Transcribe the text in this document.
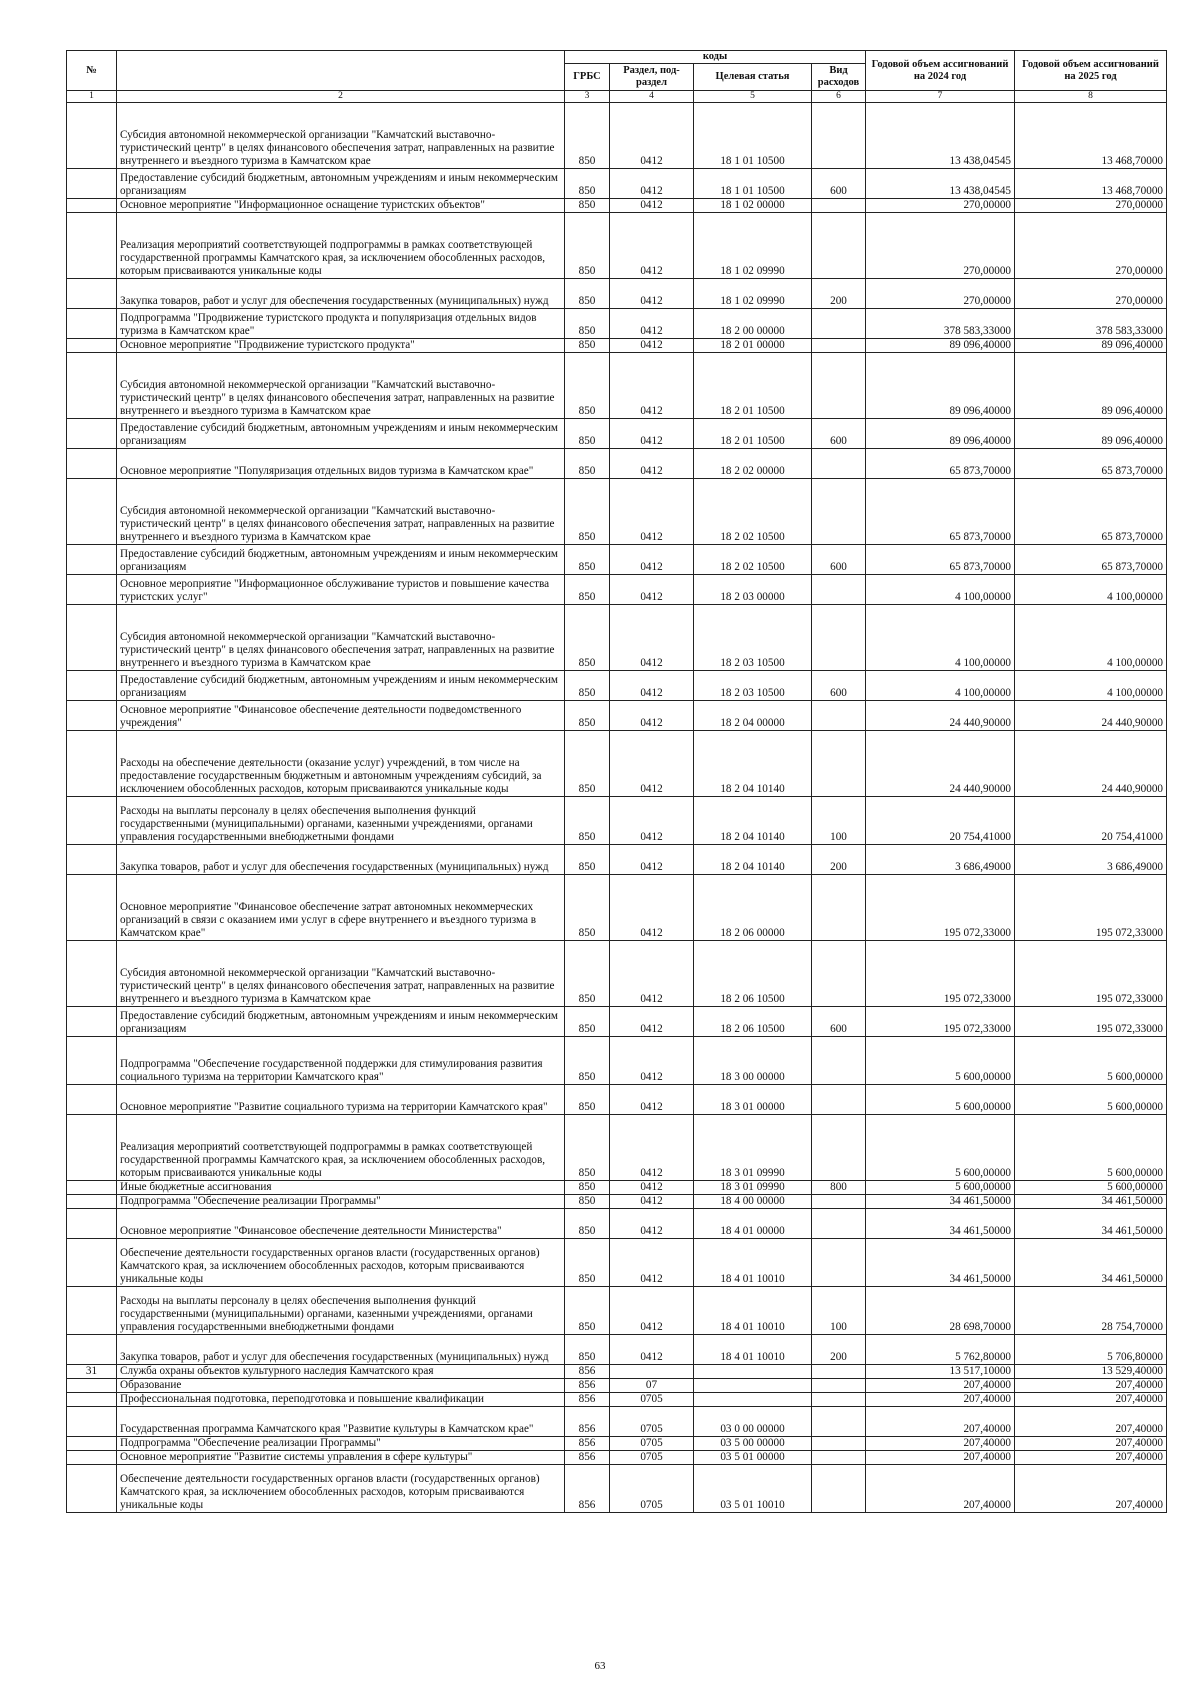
№		коды				Годовой объем ассигнований на 2024 год	Годовой объем ассигнований на 2025 год
		ГРБС	Раздел, под-раздел	Целевая статья	Вид расходов		
1	2	3	4	5	6	7	8
	Субсидия автономной некоммерческой организации "Камчатский выставочно-туристический центр" в целях финансового обеспечения затрат, направленных на развитие внутреннего и въездного туризма в Камчатском крае	850	0412	18 1 01 10500		13 438,04545	13 468,70000
	Предоставление субсидий бюджетным, автономным учреждениям и иным некоммерческим организациям	850	0412	18 1 01 10500	600	13 438,04545	13 468,70000
	Основное мероприятие "Информационное оснащение туристских объектов"	850	0412	18 1 02 00000		270,00000	270,00000
	Реализация мероприятий соответствующей подпрограммы в рамках соответствующей государственной программы Камчатского края, за исключением обособленных расходов, которым присваиваются уникальные коды	850	0412	18 1 02 09990		270,00000	270,00000
	Закупка товаров, работ и услуг для обеспечения государственных (муниципальных) нужд	850	0412	18 1 02 09990	200	270,00000	270,00000
	Подпрограмма "Продвижение туристского продукта и популяризация отдельных видов туризма в Камчатском крае"	850	0412	18 2 00 00000		378 583,33000	378 583,33000
	Основное мероприятие "Продвижение туристского продукта"	850	0412	18 2 01 00000		89 096,40000	89 096,40000
	Субсидия автономной некоммерческой организации "Камчатский выставочно-туристический центр" в целях финансового обеспечения затрат, направленных на развитие внутреннего и въездного туризма в Камчатском крае	850	0412	18 2 01 10500		89 096,40000	89 096,40000
	Предоставление субсидий бюджетным, автономным учреждениям и иным некоммерческим организациям	850	0412	18 2 01 10500	600	89 096,40000	89 096,40000
	Основное мероприятие "Популяризация отдельных видов туризма в Камчатском крае"	850	0412	18 2 02 00000		65 873,70000	65 873,70000
	Субсидия автономной некоммерческой организации "Камчатский выставочно-туристический центр" в целях финансового обеспечения затрат, направленных на развитие внутреннего и въездного туризма в Камчатском крае	850	0412	18 2 02 10500		65 873,70000	65 873,70000
	Предоставление субсидий бюджетным, автономным учреждениям и иным некоммерческим организациям	850	0412	18 2 02 10500	600	65 873,70000	65 873,70000
	Основное мероприятие "Информационное обслуживание туристов и повышение качества туристских услуг"	850	0412	18 2 03 00000		4 100,00000	4 100,00000
	Субсидия автономной некоммерческой организации "Камчатский выставочно-туристический центр" в целях финансового обеспечения затрат, направленных на развитие внутреннего и въездного туризма в Камчатском крае	850	0412	18 2 03 10500		4 100,00000	4 100,00000
	Предоставление субсидий бюджетным, автономным учреждениям и иным некоммерческим организациям	850	0412	18 2 03 10500	600	4 100,00000	4 100,00000
	Основное мероприятие "Финансовое обеспечение деятельности подведомственного учреждения"	850	0412	18 2 04 00000		24 440,90000	24 440,90000
	Расходы на обеспечение деятельности (оказание услуг) учреждений, в том числе на предоставление государственным бюджетным и автономным учреждениям субсидий, за исключением обособленных расходов, которым присваиваются уникальные коды	850	0412	18 2 04 10140		24 440,90000	24 440,90000
	Расходы на выплаты персоналу в целях обеспечения выполнения функций государственными (муниципальными) органами, казенными учреждениями, органами управления государственными внебюджетными фондами	850	0412	18 2 04 10140	100	20 754,41000	20 754,41000
	Закупка товаров, работ и услуг для обеспечения государственных (муниципальных) нужд	850	0412	18 2 04 10140	200	3 686,49000	3 686,49000
	Основное мероприятие "Финансовое обеспечение затрат автономных некоммерческих организаций в связи с оказанием ими услуг в сфере внутреннего и въездного туризма в Камчатском крае"	850	0412	18 2 06 00000		195 072,33000	195 072,33000
	Субсидия автономной некоммерческой организации "Камчатский выставочно-туристический центр" в целях финансового обеспечения затрат, направленных на развитие внутреннего и въездного туризма в Камчатском крае	850	0412	18 2 06 10500		195 072,33000	195 072,33000
	Предоставление субсидий бюджетным, автономным учреждениям и иным некоммерческим организациям	850	0412	18 2 06 10500	600	195 072,33000	195 072,33000
	Подпрограмма "Обеспечение государственной поддержки для стимулирования развития социального туризма на территории Камчатского края"	850	0412	18 3 00 00000		5 600,00000	5 600,00000
	Основное мероприятие "Развитие социального туризма на территории Камчатского края"	850	0412	18 3 01 00000		5 600,00000	5 600,00000
	Реализация мероприятий соответствующей подпрограммы в рамках соответствующей государственной программы Камчатского края, за исключением обособленных расходов, которым присваиваются уникальные коды	850	0412	18 3 01 09990		5 600,00000	5 600,00000
	Иные бюджетные ассигнования	850	0412	18 3 01 09990	800	5 600,00000	5 600,00000
	Подпрограмма "Обеспечение реализации Программы"	850	0412	18 4 00 00000		34 461,50000	34 461,50000
	Основное мероприятие "Финансовое обеспечение деятельности Министерства"	850	0412	18 4 01 00000		34 461,50000	34 461,50000
	Обеспечение деятельности государственных органов власти (государственных органов) Камчатского края, за исключением обособленных расходов, которым присваиваются уникальные коды	850	0412	18 4 01 10010		34 461,50000	34 461,50000
	Расходы на выплаты персоналу в целях обеспечения выполнения функций государственными (муниципальными) органами, казенными учреждениями, органами управления государственными внебюджетными фондами	850	0412	18 4 01 10010	100	28 698,70000	28 754,70000
	Закупка товаров, работ и услуг для обеспечения государственных (муниципальных) нужд	850	0412	18 4 01 10010	200	5 762,80000	5 706,80000
31	Служба охраны объектов культурного наследия Камчатского края	856				13 517,10000	13 529,40000
	Образование	856	07			207,40000	207,40000
	Профессиональная подготовка, переподготовка и повышение квалификации	856	0705			207,40000	207,40000
	Государственная программа Камчатского края "Развитие культуры в Камчатском крае"	856	0705	03 0 00 00000		207,40000	207,40000
	Подпрограмма "Обеспечение реализации Программы"	856	0705	03 5 00 00000		207,40000	207,40000
	Основное мероприятие "Развитие системы управления в сфере культуры"	856	0705	03 5 01 00000		207,40000	207,40000
	Обеспечение деятельности государственных органов власти (государственных органов) Камчатского края, за исключением обособленных расходов, которым присваиваются уникальные коды	856	0705	03 5 01 10010		207,40000	207,40000
63
